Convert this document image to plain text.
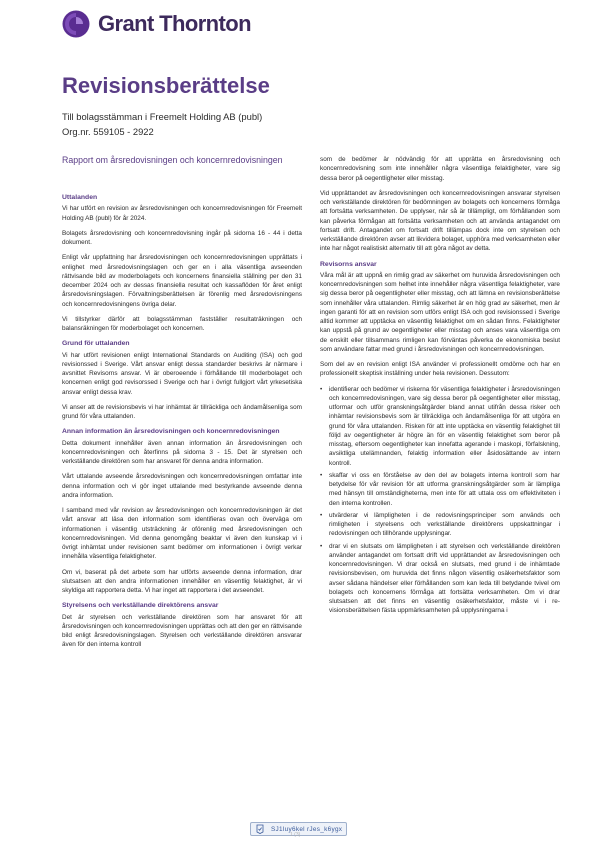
Grant Thornton
Revisionsberättelse

Till bolagsstämman i Freemelt Holding AB (publ)

Org.nr. 559105 - 2922

Rapport om årsredovisningen och koncernredovisningen

Uttalanden

Vi har utfört en revision av årsredovisningen och koncernredovisningen för Freemelt Holding AB (publ) för år 2024.

Bolagets årsredovisning och koncernredovisning ingår på sidorna 16 - 44 i detta dokument.

Enligt vår uppfattning har årsredovisningen och koncernredovisningen upprättats i enlighet med årsredovisningslagen och ger en i alla väsentliga avseenden rättvisande bild av moderbolagets och koncernens finansiella ställning per den 31 december 2024 och av dessas finansiella resultat och kassaflöden för året enligt årsredovisningslagen. Förvaltningsberättelsen är förenlig med årsredovisningens och koncernredovisningens övriga delar.

Vi tillstyrker därför att bolagsstämman fastställer resultaträkningen och balansräkningen för moderbolaget och koncernen.

Grund för uttalanden

Vi har utfört revisionen enligt International Standards on Auditing (ISA) och god revisionssed i Sverige. Vårt ansvar enligt dessa standarder beskrivs är närmare i avsnittet Revisorns ansvar. Vi är oberoeende i förhållande till moderbolaget och koncernen enligt god revisorssed i Sverige och har i övrigt fullgjort vårt yrkesetiska ansvar enligt dessa krav.

Vi anser att de revisionsbevis vi har inhämtat är tillräckliga och ändamålsenliga som grund för våra uttalanden.

Annan information än årsredovisningen och koncernredovisningen

Detta dokument innehåller även annan information än årsredovisningen och koncernredovisningen och återfinns på sidorna 3 - 15. Det är styrelsen och verkställande direktören som har ansvaret för denna andra information.

Vårt uttalande avseende årsredovisningen och koncernredovisningen omfattar inte denna information och vi gör inget uttalande med bestyrkande avseende denna andra information.

I samband med vår revision av årsredovisningen och koncernredovisningen är det vårt ansvar att läsa den information som identifieras ovan och överväga om informationen i väsentlig utsträckning är oförenlig med årsredovisningen och koncernredovisningen. Vid denna genomgång beaktar vi även den kunskap vi i övrigt inhämtat under revisionen samt bedömer om informationen i övrigt verkar innehålla väsentliga felaktigheter.

Om vi, baserat på det arbete som har utförts avseende denna information, drar slutsatsen att den andra informationen innehåller en väsentlig felaktighet, är vi skyldiga att rapportera detta. Vi har inget att rapportera i det avseendet.

Styrelsens och verkställande direktörens ansvar

Det är styrelsen och verkställande direktören som har ansvaret för att årsredovisningen och koncernredovisningen upprättas och att den ger en rättvisande bild enligt årsredovisningslagen. Styrelsen och verkställande direktören ansvarar även för den interna kontroll

som de bedömer är nödvändig för att upprätta en årsredovisning och koncernredovisning som inte innehåller några väsentliga felaktigheter, vare sig dessa beror på oegentligheter eller misstag.

Vid upprättandet av årsredovisningen och koncernredovisningen ansvarar styrelsen och verkställande direktören för bedömningen av bolagets och koncernens förmåga att fortsätta verksamheten. De upplyser, när så är tillämpligt, om förhållanden som kan påverka förmågan att fortsätta verksamheten och att använda antagandet om fortsatt drift. Antagandet om fortsatt drift tillämpas dock inte om styrelsen och verkställande direktören avser att likvidera bolaget, upphöra med verksamheten eller inte har något realistiskt alternativ till att göra något av detta.

Revisorns ansvar

Våra mål är att uppnå en rimlig grad av säkerhet om huruvida årsredovisningen och koncernredovisningen som helhet inte innehåller några väsentliga felaktigheter, vare sig dessa beror på oegentligheter eller misstag, och att lämna en revisionsberättelse som innehåller våra uttalanden. Rimlig säkerhet är en hög grad av säkerhet, men är ingen garanti för att en revision som utförs enligt ISA och god revisionssed i Sverige alltid kommer att upptäcka en väsentlig felaktighet om en sådan finns. Felaktigheter kan uppstå på grund av oegentligheter eller misstag och anses vara väsentliga om de enskilt eller tillsammans rimligen kan förväntas påverka de ekonomiska beslut som användare fattar med grund i årsredovisningen och koncernredovisningen.

Som del av en revision enligt ISA använder vi professionellt omdöme och har en professionellt skeptisk inställning under hela revisionen. Dessutom:

•	identifierar och bedömer vi riskerna för väsentliga felaktigheter i årsredovisningen och koncernredovisningen, vare sig dessa beror på oegentligheter eller misstag, utformar och utför granskningsåtgärder bland annat utifrån dessa risker och inhämtar revisionsbevis som är tillräckliga och ändamålsenliga för att utgöra en grund för våra uttalanden. Risken för att inte upptäcka en väsentlig felaktighet till följd av oegentligheter är högre än för en väsentlig felaktighet som beror på misstag, eftersom oegentligheter kan innefatta agerande i maskopi, förfalskning, avsiktliga utelämnanden, felaktig information eller åsidosättande av intern kontroll.
•	skaffar vi oss en förståelse av den del av bolagets interna kontroll som har betydelse för vår revision för att utforma granskningsåtgärder som är lämpliga med hänsyn till omständigheterna, men inte för att uttala oss om effektiviteten i den interna kontrollen.
•	utvärderar vi lämpligheten i de redovisningsprinciper som används och rimligheten i styrelsens och verkställande direktörens uppskattningar i redovisningen och tillhörande upplysningar.
•	drar vi en slutsats om lämpligheten i att styrelsen och verkställande direktören använder antagandet om fortsatt drift vid upprättandet av årsredovisningen och koncernredovisningen. Vi drar också en slutsats, med grund i de inhämtade revisionsbevisen, om huruvida det finns någon väsentlig osäkerhetsfaktor som avser sådana händelser eller förhållanden som kan leda till betydande tvivel om bolagets och koncernens förmåga att fortsätta verksamheten. Om vi drar slutsatsen att det finns en väsentlig osäkerhetsfaktor, måste vi i revisionsberättelsen fästa uppmärksamheten på upplysningarna i
SJ1luy6kel rJes_k6ygx
1 (3)
